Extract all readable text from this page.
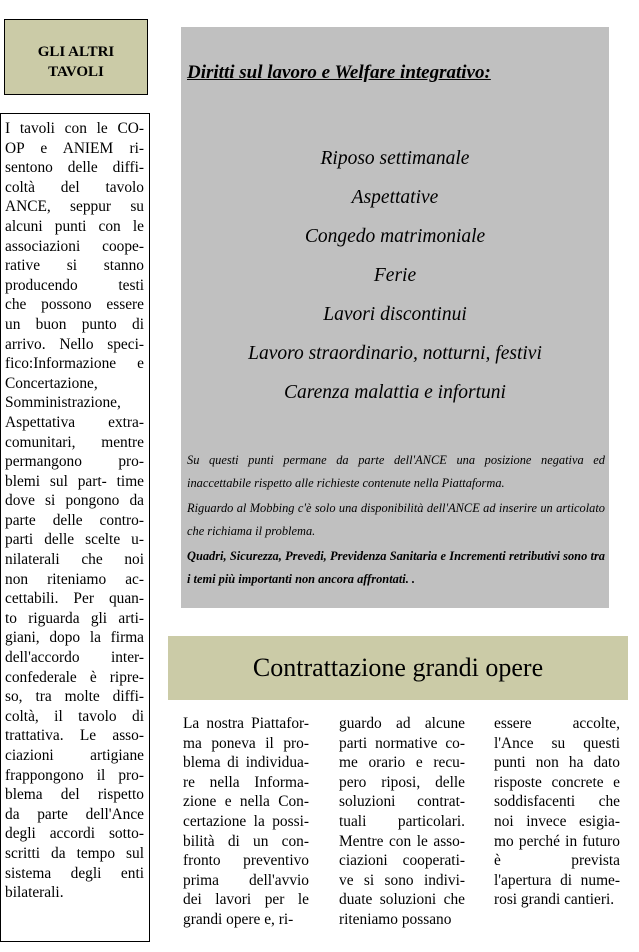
GLI ALTRI
TAVOLI
I tavoli con le CO-
OP e ANIEM ri-
sentono delle diffi-
coltà del tavolo
ANCE, seppur su
alcuni punti con le
associazioni coope-
rative si stanno
producendo testi
che possono essere
un buon punto di
arrivo. Nello speci-
fico:Informazione e
Concertazione,
Somministrazione,
Aspettativa extra-
comunitari, mentre
permangono pro-
blemi sul part- time
dove si pongono da
parte delle contro-
parti delle scelte u-
nilaterali che noi
non riteniamo ac-
cettabili. Per quan-
to riguarda gli arti-
giani, dopo la firma
dell'accordo inter-
confederale è ripre-
so, tra molte diffi-
coltà, il tavolo di
trattativa. Le asso-
ciazioni artigiane
frappongono il pro-
blema del rispetto
da parte dell'Ance
degli accordi sotto-
scritti da tempo sul
sistema degli enti
bilaterali.
Diritti sul lavoro e Welfare integrativo:
Riposo settimanale
Aspettative
Congedo matrimoniale
Ferie
Lavori discontinui
Lavoro straordinario, notturni, festivi
Carenza malattia e infortuni
Su questi punti permane da parte dell'ANCE una posizione negativa ed inaccettabile rispetto alle richieste contenute nella Piattaforma.
Riguardo al Mobbing c'è solo una disponibilità dell'ANCE ad inserire un articolato che richiama il problema.
Quadri, Sicurezza, Prevedi, Previdenza Sanitaria e Incrementi retributivi sono tra i temi più importanti non ancora affrontati. .
Contrattazione grandi opere
La nostra Piattafor-
ma poneva il pro-
blema di individua-
re nella Informa-
zione e nella Con-
certazione la possi-
bilità di un con-
fronto preventivo
prima dell'avvio
dei lavori per le
grandi opere e, ri-
guardo ad alcune
parti normative co-
me orario e recu-
pero riposi, delle
soluzioni contrat-
tuali particolari.
Mentre con le asso-
ciazioni cooperati-
ve si sono indivi-
duate soluzioni che
riteniamo possano
essere accolte,
l'Ance su questi
punti non ha dato
risposte concrete e
soddisfacenti che
noi invece esigia-
mo perché in futuro
è prevista
l'apertura di nume-
rosi grandi cantieri.
